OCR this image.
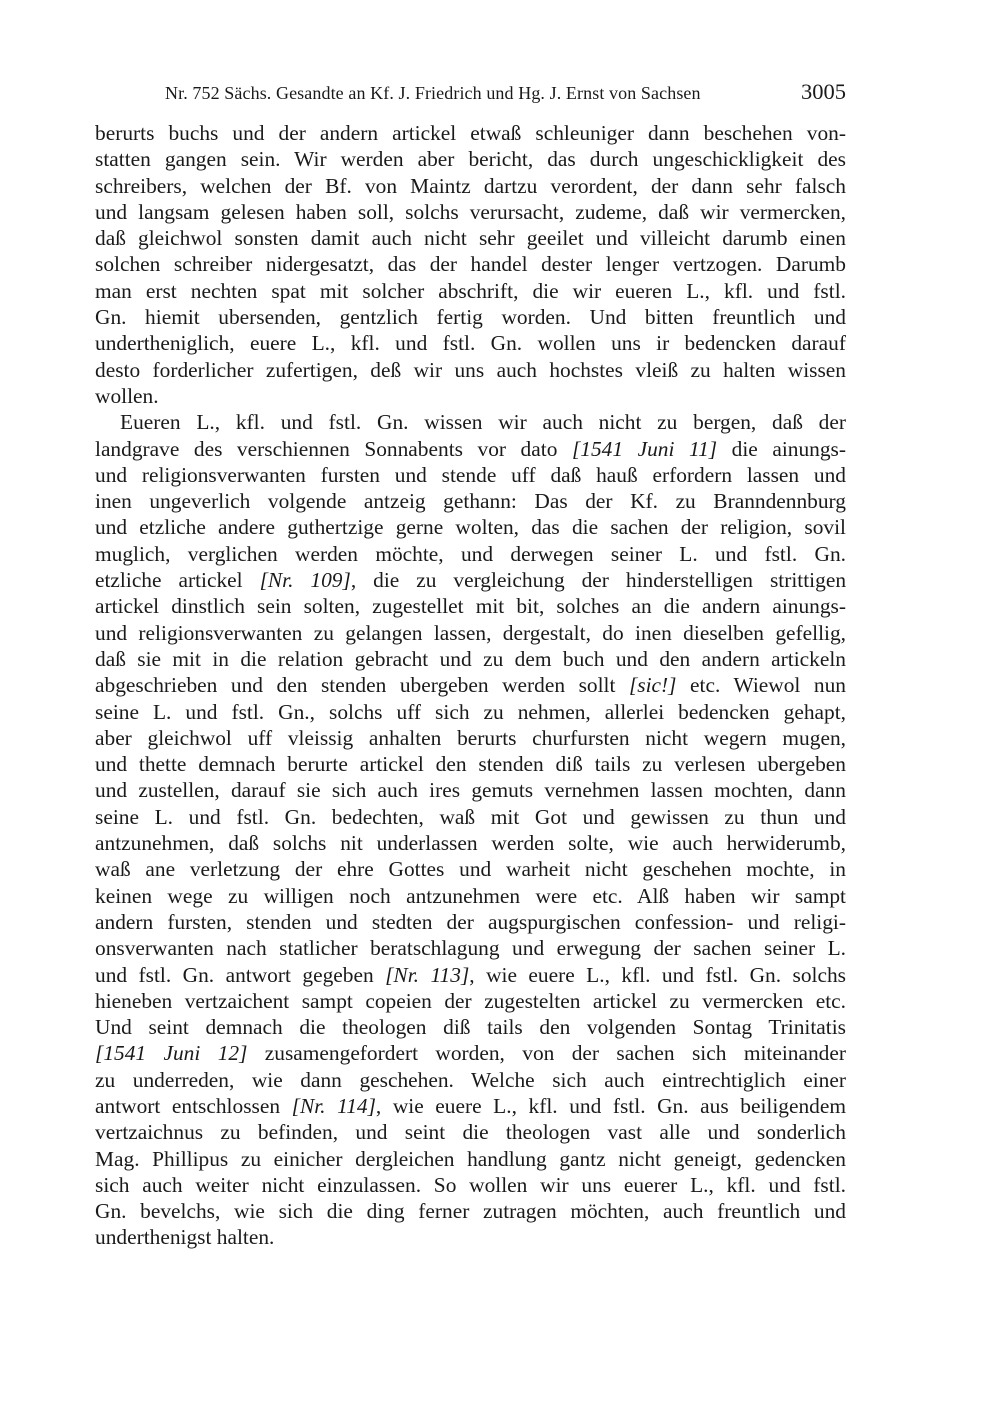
Nr. 752 Sächs. Gesandte an Kf. J. Friedrich und Hg. J. Ernst von Sachsen	3005
berurts buchs und der andern artickel etwaß schleuniger dann beschehen von-
statten gangen sein. Wir werden aber bericht, das durch ungeschickligkeit des
schreibers, welchen der Bf. von Maintz dartzu verordent, der dann sehr falsch
und langsam gelesen haben soll, solchs verursacht, zudeme, daß wir vermercken,
daß gleichwol sonsten damit auch nicht sehr geeilet und villeicht darumb einen
solchen schreiber nidergesatzt, das der handel dester lenger vertzogen. Darumb
man erst nechten spat mit solcher abschrift, die wir eueren L., kfl. und fstl.
Gn. hiemit ubersenden, gentzlich fertig worden. Und bitten freuntlich und
undertheniglich, euere L., kfl. und fstl. Gn. wollen uns ir bedencken darauf
desto forderlicher zufertigen, deß wir uns auch hochstes vleiß zu halten wissen
wollen.
Eueren L., kfl. und fstl. Gn. wissen wir auch nicht zu bergen, daß der
landgrave des verschiennen Sonnabents vor dato [1541 Juni 11] die ainungs-
und religionsverwanten fursten und stende uff daß hauß erfordern lassen und
inen ungeverlich volgende antzeig gethann: Das der Kf. zu Branndennburg
und etzliche andere guthertzige gerne wolten, das die sachen der religion, sovil
muglich, verglichen werden möchte, und derwegen seiner L. und fstl. Gn.
etzliche artickel [Nr. 109], die zu vergleichung der hinderstelligen strittigen
artickel dinstlich sein solten, zugestellet mit bit, solches an die andern ainungs-
und religionsverwanten zu gelangen lassen, dergestalt, do inen dieselben gefellig,
daß sie mit in die relation gebracht und zu dem buch und den andern artickeln
abgeschrieben und den stenden ubergeben werden sollt [sic!] etc. Wiewol nun
seine L. und fstl. Gn., solchs uff sich zu nehmen, allerlei bedencken gehapt,
aber gleichwol uff vleissig anhalten berurts churfursten nicht wegern mugen,
und thette demnach berurte artickel den stenden diß tails zu verlesen ubergeben
und zustellen, darauf sie sich auch ires gemuts vernehmen lassen mochten, dann
seine L. und fstl. Gn. bedechten, waß mit Got und gewissen zu thun und
antzunehmen, daß solchs nit underlassen werden solte, wie auch herwiderumb,
waß ane verletzung der ehre Gottes und warheit nicht geschehen mochte, in
keinen wege zu willigen noch antzunehmen were etc. Alß haben wir sampt
andern fursten, stenden und stedten der augspurgischen confession- und religi-
onsverwanten nach statlicher beratschlagung und erwegung der sachen seiner L.
und fstl. Gn. antwort gegeben [Nr. 113], wie euere L., kfl. und fstl. Gn. solchs
hieneben vertzaichent sampt copeien der zugestelten artickel zu vermercken etc.
Und seint demnach die theologen diß tails den volgenden Sontag Trinitatis
[1541 Juni 12] zusamengefordert worden, von der sachen sich miteinander
zu underreden, wie dann geschehen. Welche sich auch eintrechtiglich einer
antwort entschlossen [Nr. 114], wie euere L., kfl. und fstl. Gn. aus beiligendem
vertzaichnus zu befinden, und seint die theologen vast alle und sonderlich
Mag. Phillipus zu einicher dergleichen handlung gantz nicht geneigt, gedencken
sich auch weiter nicht einzulassen. So wollen wir uns euerer L., kfl. und fstl.
Gn. bevelchs, wie sich die ding ferner zutragen möchten, auch freuntlich und
underthenigst halten.
